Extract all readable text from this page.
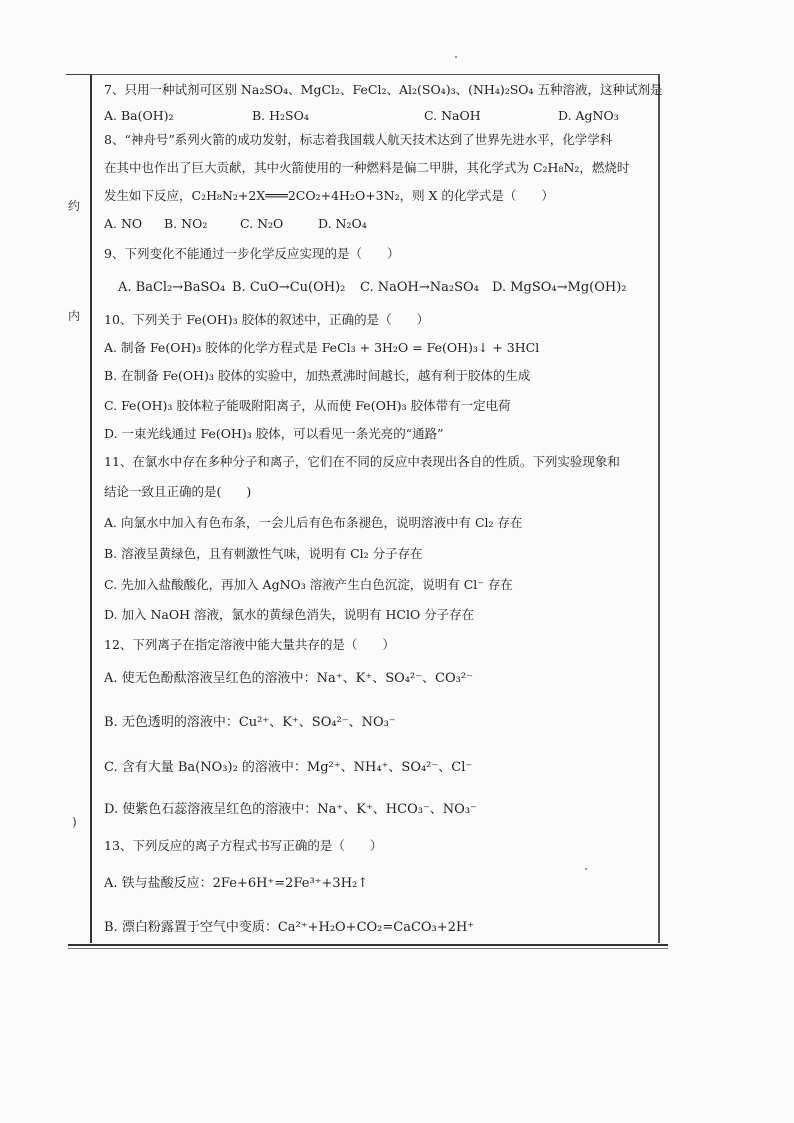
约
内
)
7、只用一种试剂可区别 Na₂SO₄、MgCl₂、FeCl₂、Al₂(SO₄)₃、(NH₄)₂SO₄ 五种溶液，这种试剂是
A. Ba(OH)₂	B. H₂SO₄	C. NaOH	D. AgNO₃
8、“神舟号”系列火箭的成功发射，标志着我国载人航天技术达到了世界先进水平，化学学科
在其中也作出了巨大贡献，其中火箭使用的一种燃料是偏二甲肼，其化学式为 C₂H₈N₂，燃烧时
发生如下反应，C₂H₈N₂+2X═══2CO₂+4H₂O+3N₂，则 X 的化学式是（　　）
A. NO B. NO₂	C. N₂O	D. N₂O₄
9、下列变化不能通过一步化学反应实现的是（　　）
A. BaCl₂→BaSO₄ B. CuO→Cu(OH)₂ C. NaOH→Na₂SO₄ D. MgSO₄→Mg(OH)₂
10、下列关于 Fe(OH)₃ 胶体的叙述中，正确的是（　　）
A. 制备 Fe(OH)₃ 胶体的化学方程式是 FeCl₃ + 3H₂O = Fe(OH)₃↓ + 3HCl
B. 在制备 Fe(OH)₃ 胶体的实验中，加热煮沸时间越长，越有利于胶体的生成
C. Fe(OH)₃ 胶体粒子能吸附阳离子，从而使 Fe(OH)₃ 胶体带有一定电荷
D. 一束光线通过 Fe(OH)₃ 胶体，可以看见一条光亮的“通路”
11、在氯水中存在多种分子和离子，它们在不同的反应中表现出各自的性质。下列实验现象和
结论一致且正确的是(　　)
A. 向氯水中加入有色布条，一会儿后有色布条褪色，说明溶液中有 Cl₂ 存在
B. 溶液呈黄绿色，且有刺激性气味，说明有 Cl₂ 分子存在
C. 先加入盐酸酸化，再加入 AgNO₃ 溶液产生白色沉淀，说明有 Cl⁻ 存在
D. 加入 NaOH 溶液，氯水的黄绿色消失，说明有 HClO 分子存在
12、下列离子在指定溶液中能大量共存的是（　　）
A. 使无色酚酞溶液呈红色的溶液中：Na⁺、K⁺、SO₄²⁻、CO₃²⁻
B. 无色透明的溶液中：Cu²⁺、K⁺、SO₄²⁻、NO₃⁻
C. 含有大量 Ba(NO₃)₂ 的溶液中：Mg²⁺、NH₄⁺、SO₄²⁻、Cl⁻
D. 使紫色石蕊溶液呈红色的溶液中：Na⁺、K⁺、HCO₃⁻、NO₃⁻
13、下列反应的离子方程式书写正确的是（　　）
A. 铁与盐酸反应：2Fe+6H⁺=2Fe³⁺+3H₂↑
B. 漂白粉露置于空气中变质：Ca²⁺+H₂O+CO₂=CaCO₃+2H⁺
